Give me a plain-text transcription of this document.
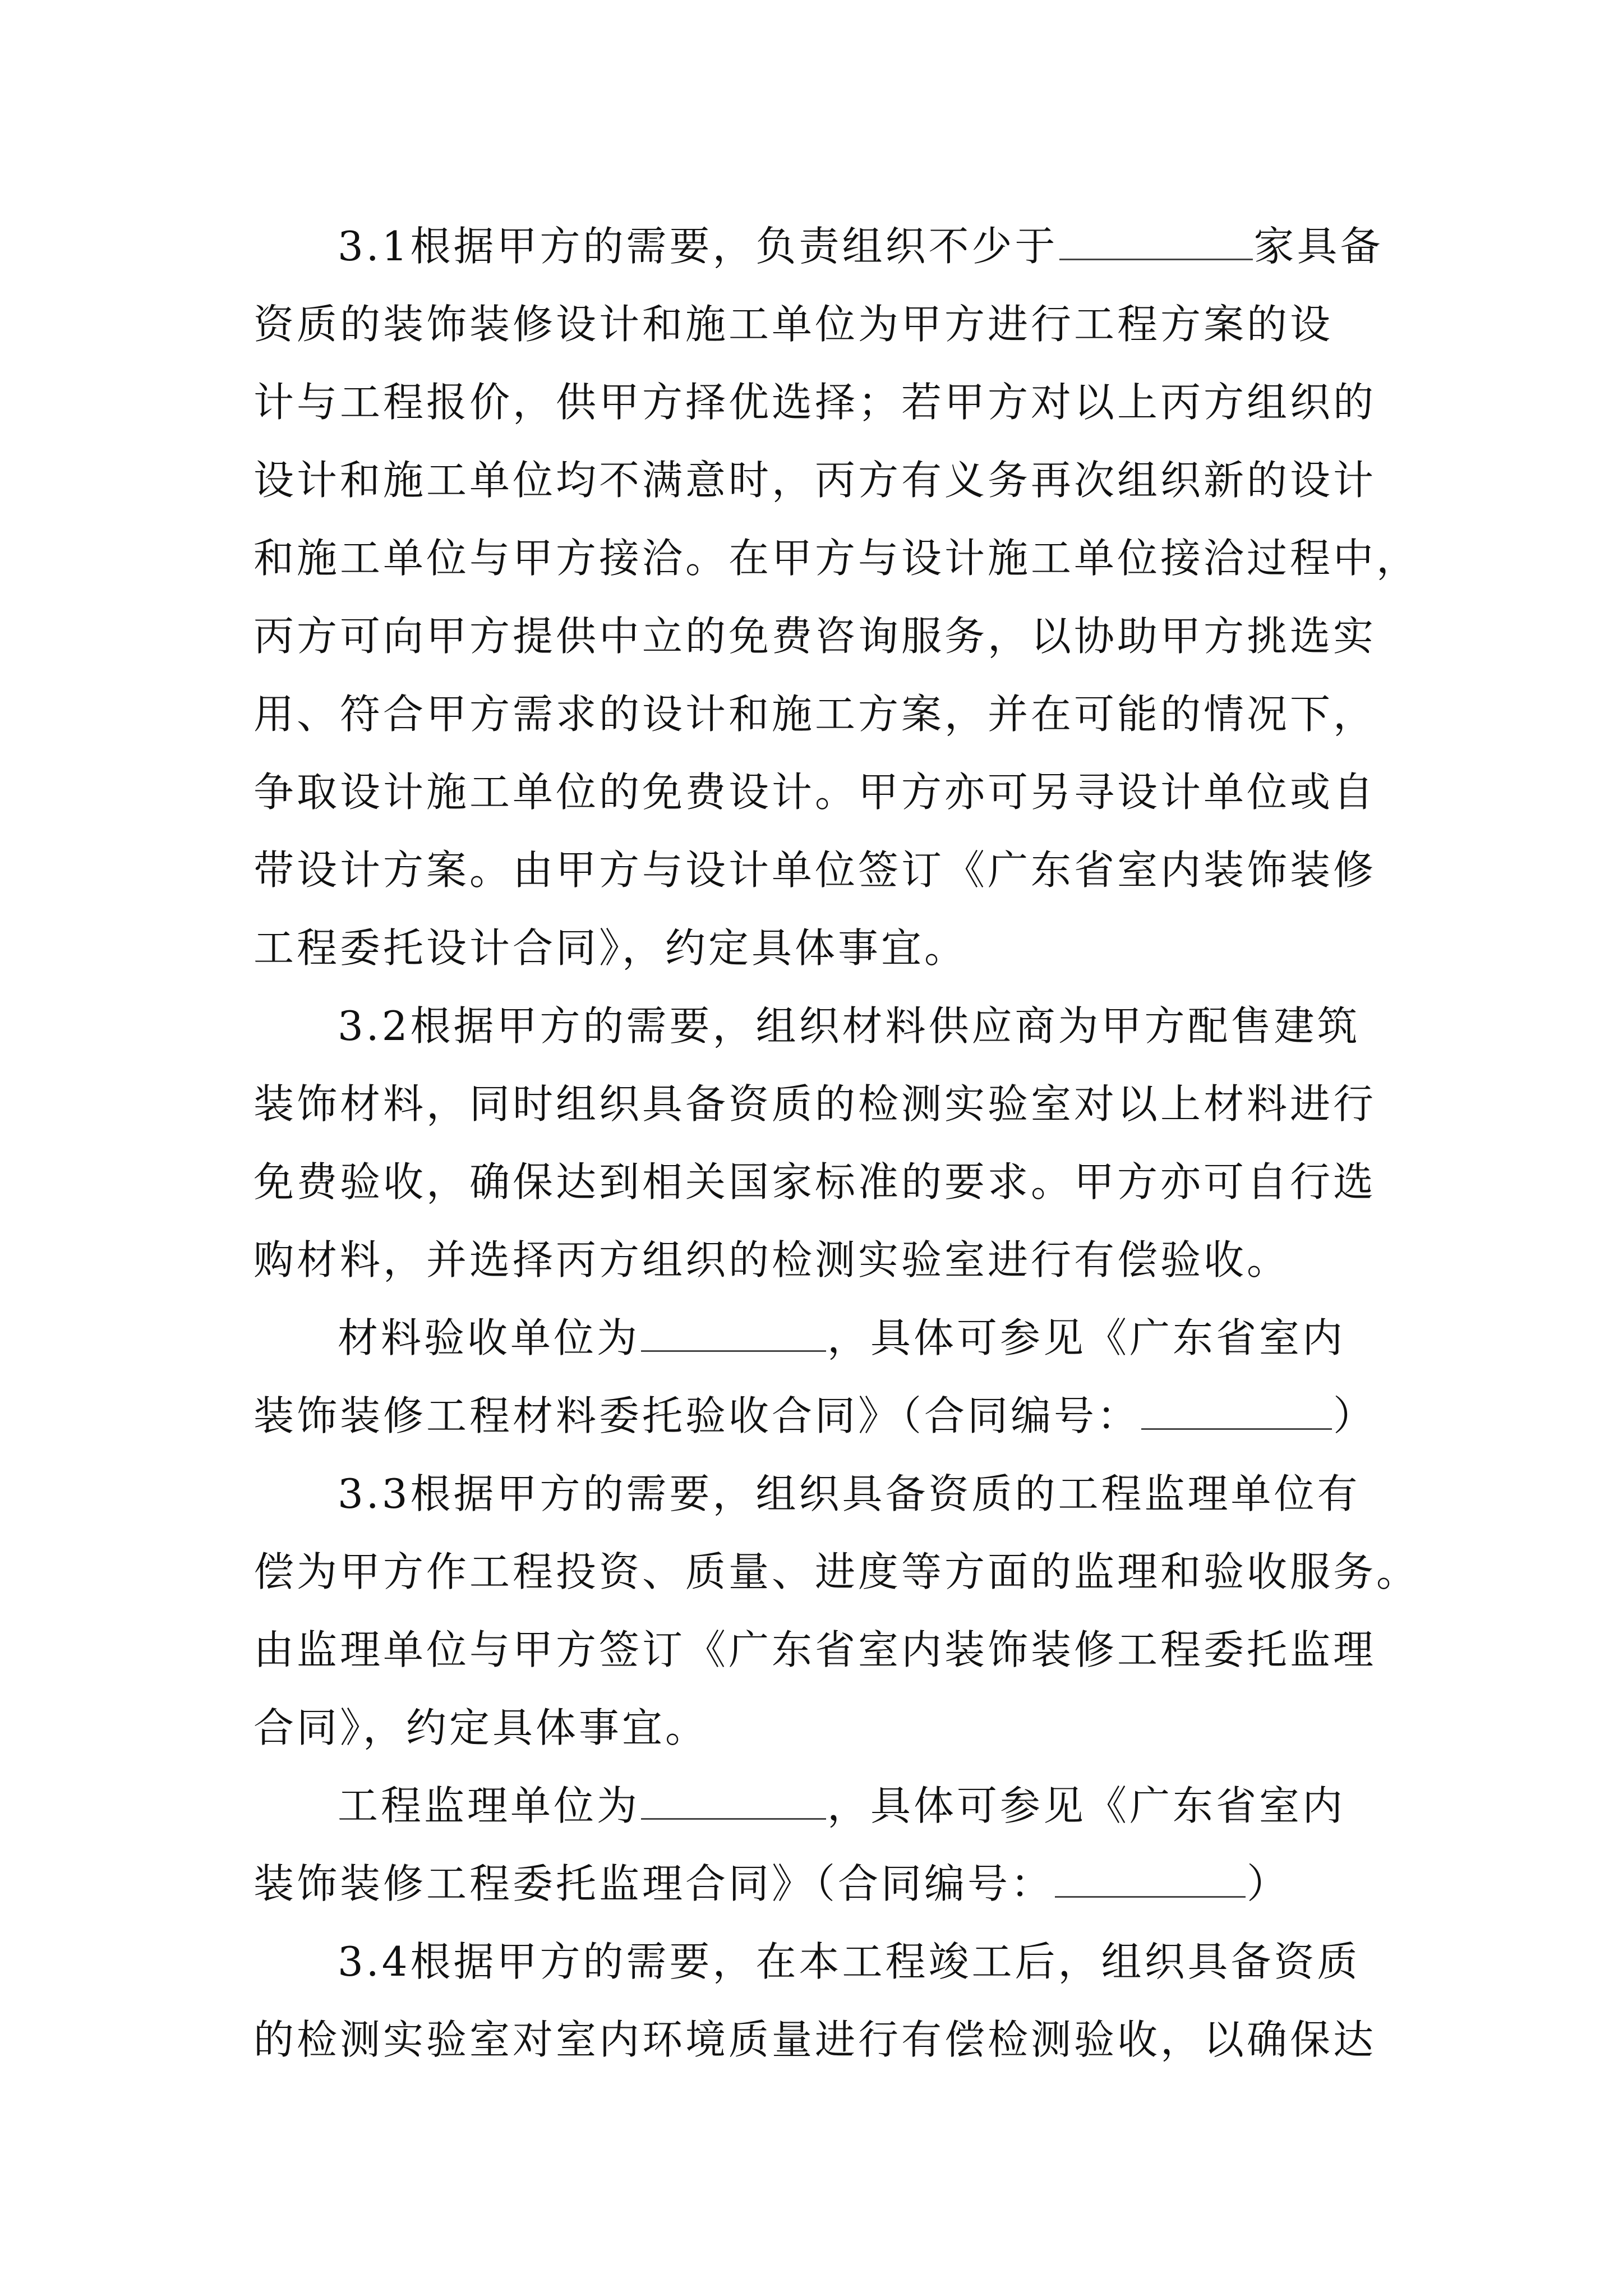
3.1根据甲方的需要，负责组织不少于	家具备
资质的装饰装修设计和施工单位为甲方进行工程方案的设
计与工程报价，供甲方择优选择；若甲方对以上丙方组织的
设计和施工单位均不满意时，丙方有义务再次组织新的设计
和施工单位与甲方接洽。在甲方与设计施工单位接洽过程中，
丙方可向甲方提供中立的免费咨询服务，以协助甲方挑选实
用、符合甲方需求的设计和施工方案，并在可能的情况下，
争取设计施工单位的免费设计。甲方亦可另寻设计单位或自
带设计方案。由甲方与设计单位签订《广东省室内装饰装修
工程委托设计合同》，约定具体事宜。
3.2根据甲方的需要，组织材料供应商为甲方配售建筑
装饰材料，同时组织具备资质的检测实验室对以上材料进行
免费验收，确保达到相关国家标准的要求。甲方亦可自行选
购材料，并选择丙方组织的检测实验室进行有偿验收。
材料验收单位为	，具体可参见《广东省室内
装饰装修工程材料委托验收合同》（合同编号：	）
3.3根据甲方的需要，组织具备资质的工程监理单位有
偿为甲方作工程投资、质量、进度等方面的监理和验收服务。
由监理单位与甲方签订《广东省室内装饰装修工程委托监理
合同》，约定具体事宜。
工程监理单位为	，具体可参见《广东省室内
装饰装修工程委托监理合同》（合同编号：	）
3.4根据甲方的需要，在本工程竣工后，组织具备资质
的检测实验室对室内环境质量进行有偿检测验收，以确保达
